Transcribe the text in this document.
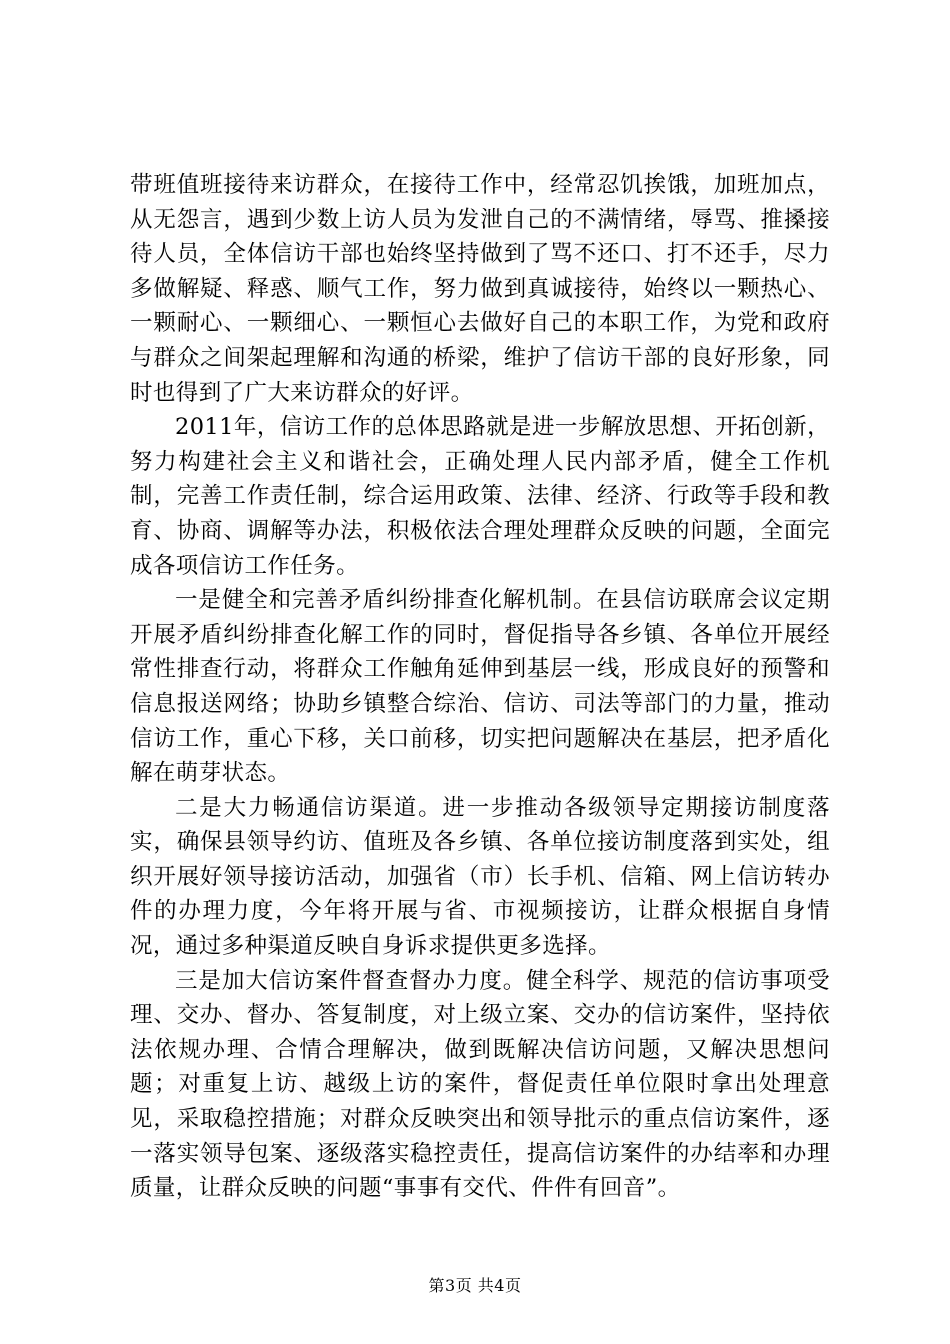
带班值班接待来访群众，在接待工作中，经常忍饥挨饿，加班加点，从无怨言，遇到少数上访人员为发泄自己的不满情绪，辱骂、推搡接待人员，全体信访干部也始终坚持做到了骂不还口、打不还手，尽力多做解疑、释惑、顺气工作，努力做到真诚接待，始终以一颗热心、一颗耐心、一颗细心、一颗恒心去做好自己的本职工作，为党和政府与群众之间架起理解和沟通的桥梁，维护了信访干部的良好形象，同时也得到了广大来访群众的好评。

2011年，信访工作的总体思路就是进一步解放思想、开拓创新，努力构建社会主义和谐社会，正确处理人民内部矛盾，健全工作机制，完善工作责任制，综合运用政策、法律、经济、行政等手段和教育、协商、调解等办法，积极依法合理处理群众反映的问题，全面完成各项信访工作任务。

一是健全和完善矛盾纠纷排查化解机制。在县信访联席会议定期开展矛盾纠纷排查化解工作的同时，督促指导各乡镇、各单位开展经常性排查行动，将群众工作触角延伸到基层一线，形成良好的预警和信息报送网络；协助乡镇整合综治、信访、司法等部门的力量，推动信访工作，重心下移，关口前移，切实把问题解决在基层，把矛盾化解在萌芽状态。

二是大力畅通信访渠道。进一步推动各级领导定期接访制度落实，确保县领导约访、值班及各乡镇、各单位接访制度落到实处，组织开展好领导接访活动，加强省（市）长手机、信箱、网上信访转办件的办理力度，今年将开展与省、市视频接访，让群众根据自身情况，通过多种渠道反映自身诉求提供更多选择。

三是加大信访案件督查督办力度。健全科学、规范的信访事项受理、交办、督办、答复制度，对上级立案、交办的信访案件，坚持依法依规办理、合情合理解决，做到既解决信访问题，又解决思想问题；对重复上访、越级上访的案件，督促责任单位限时拿出处理意见，采取稳控措施；对群众反映突出和领导批示的重点信访案件，逐一落实领导包案、逐级落实稳控责任，提高信访案件的办结率和办理质量，让群众反映的问题“事事有交代、件件有回音”。

第3页 共4页
